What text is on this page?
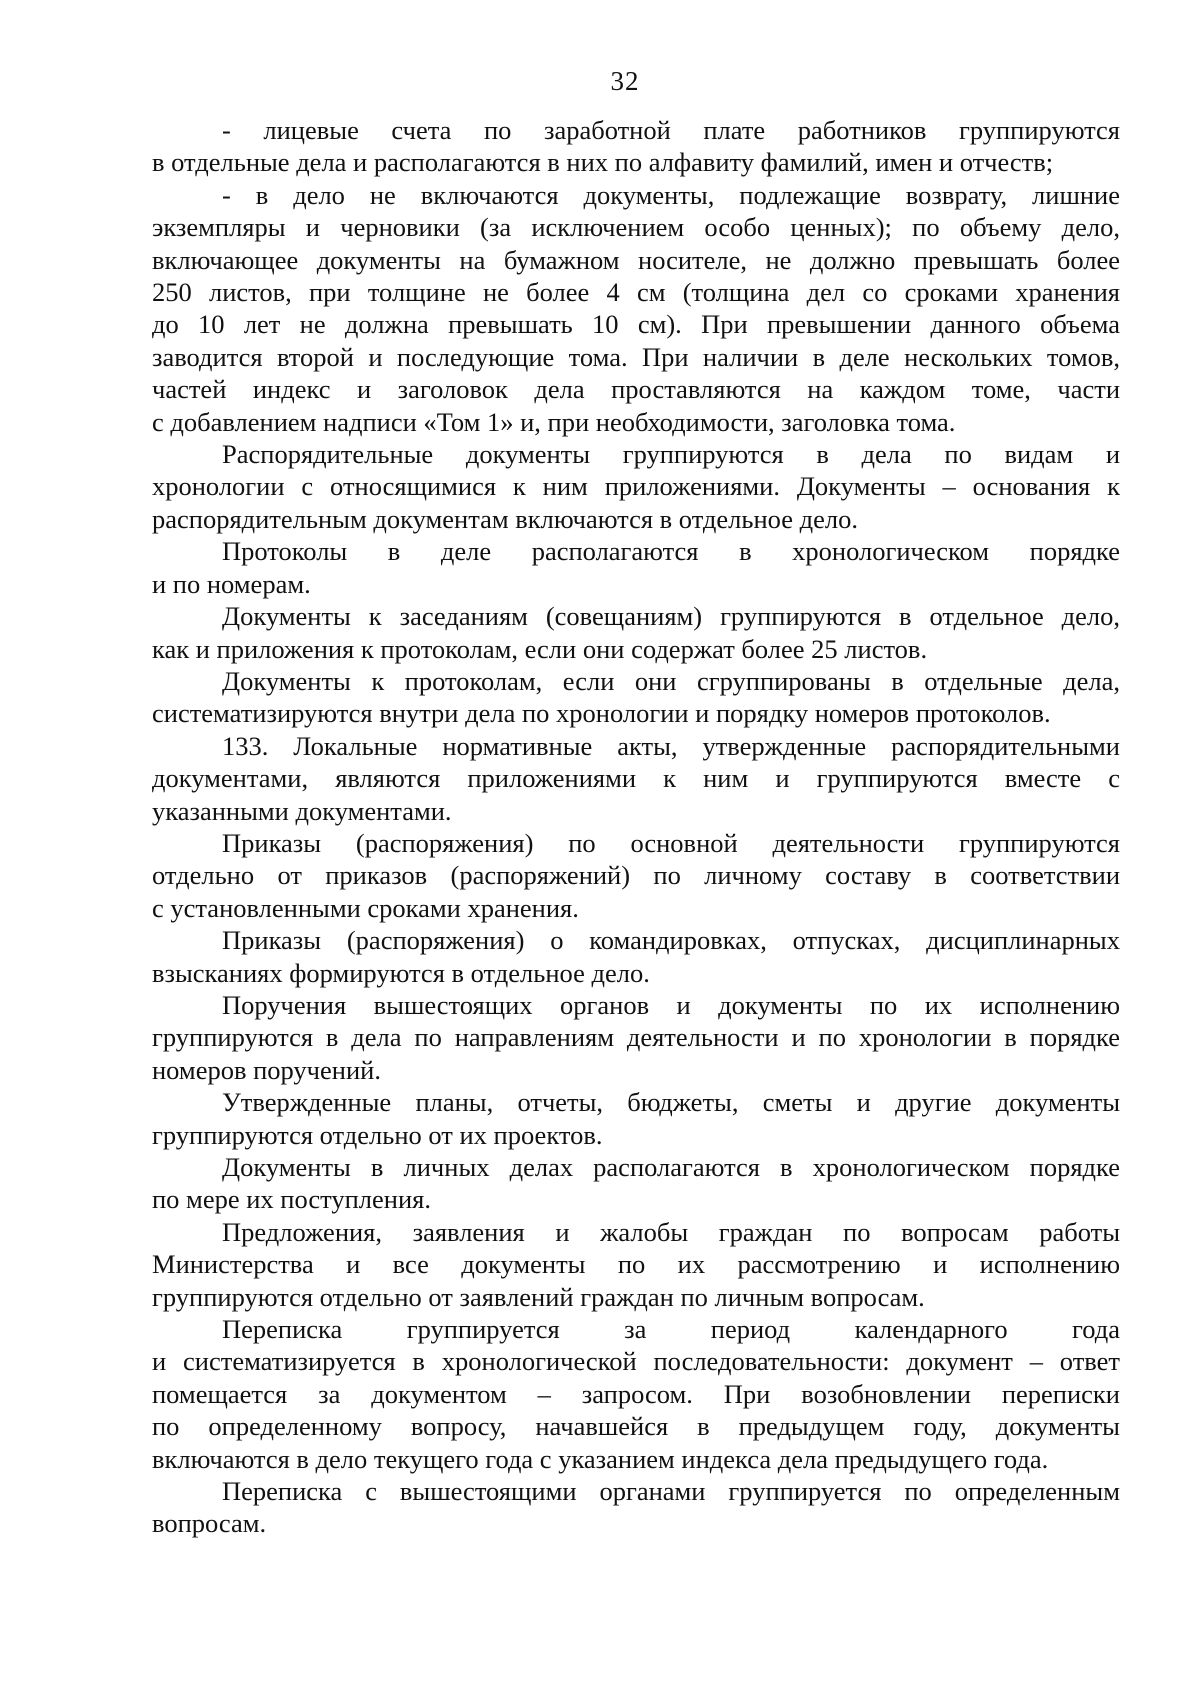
32
- лицевые счета по заработной плате работников группируются
в отдельные дела и располагаются в них по алфавиту фамилий, имен и отчеств;
- в дело не включаются документы, подлежащие возврату, лишние
экземпляры и черновики (за исключением особо ценных); по объему дело,
включающее документы на бумажном носителе, не должно превышать более
250 листов, при толщине не более 4 см (толщина дел со сроками хранения
до 10 лет не должна превышать 10 см). При превышении данного объема
заводится второй и последующие тома. При наличии в деле нескольких томов,
частей индекс и заголовок дела проставляются на каждом томе, части
с добавлением надписи «Том 1» и, при необходимости, заголовка тома.
Распорядительные документы группируются в дела по видам и
хронологии с относящимися к ним приложениями. Документы – основания к
распорядительным документам включаются в отдельное дело.
Протоколы в деле располагаются в хронологическом порядке
и по номерам.
Документы к заседаниям (совещаниям) группируются в отдельное дело,
как и приложения к протоколам, если они содержат более 25 листов.
Документы к протоколам, если они сгруппированы в отдельные дела,
систематизируются внутри дела по хронологии и порядку номеров протоколов.
133. Локальные нормативные акты, утвержденные распорядительными
документами, являются приложениями к ним и группируются вместе с
указанными документами.
Приказы (распоряжения) по основной деятельности группируются
отдельно от приказов (распоряжений) по личному составу в соответствии
с установленными сроками хранения.
Приказы (распоряжения) о командировках, отпусках, дисциплинарных
взысканиях формируются в отдельное дело.
Поручения вышестоящих органов и документы по их исполнению
группируются в дела по направлениям деятельности и по хронологии в порядке
номеров поручений.
Утвержденные планы, отчеты, бюджеты, сметы и другие документы
группируются отдельно от их проектов.
Документы в личных делах располагаются в хронологическом порядке
по мере их поступления.
Предложения, заявления и жалобы граждан по вопросам работы
Министерства и все документы по их рассмотрению и исполнению
группируются отдельно от заявлений граждан по личным вопросам.
Переписка группируется за период календарного года
и систематизируется в хронологической последовательности: документ – ответ
помещается за документом – запросом. При возобновлении переписки
по определенному вопросу, начавшейся в предыдущем году, документы
включаются в дело текущего года с указанием индекса дела предыдущего года.
Переписка с вышестоящими органами группируется по определенным
вопросам.
